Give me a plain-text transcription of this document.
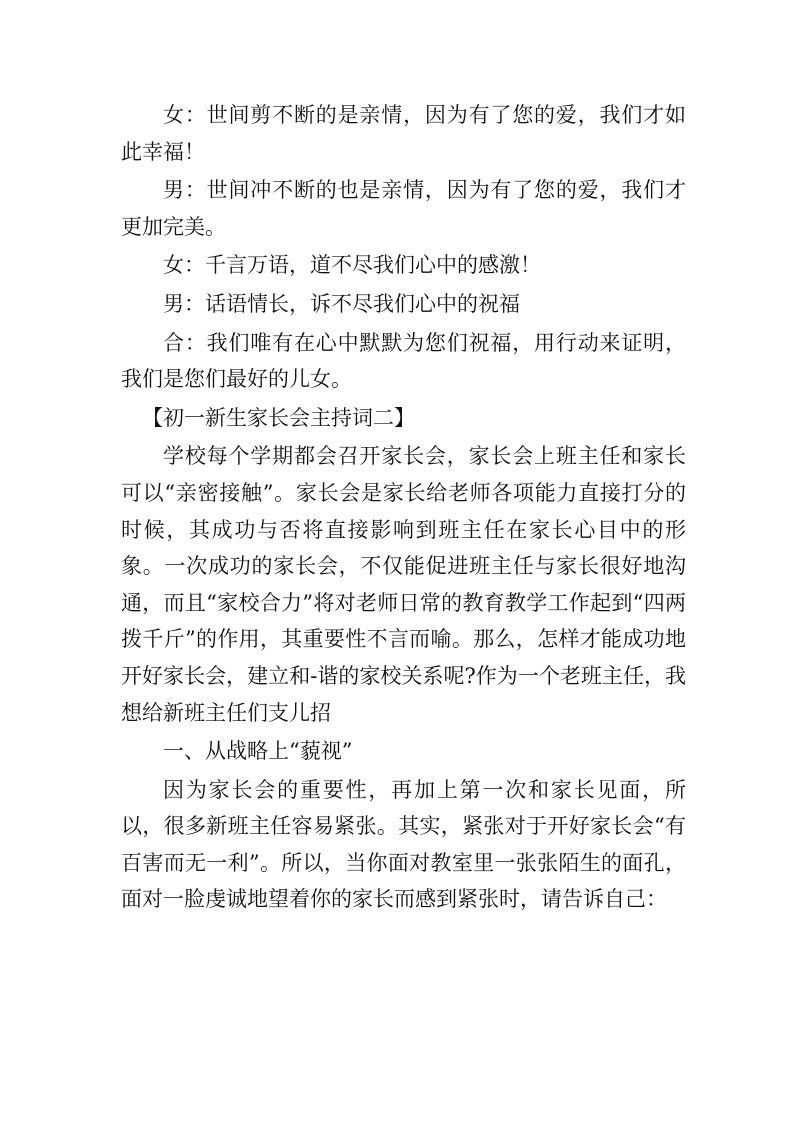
女：世间剪不断的是亲情，因为有了您的爱，我们才如此幸福！

男：世间冲不断的也是亲情，因为有了您的爱，我们才更加完美。

女：千言万语，道不尽我们心中的感激！

男：话语情长，诉不尽我们心中的祝福

合：我们唯有在心中默默为您们祝福，用行动来证明，我们是您们最好的儿女。

【初一新生家长会主持词二】

学校每个学期都会召开家长会，家长会上班主任和家长可以“亲密接触”。家长会是家长给老师各项能力直接打分的时候，其成功与否将直接影响到班主任在家长心目中的形象。一次成功的家长会，不仅能促进班主任与家长很好地沟通，而且“家校合力”将对老师日常的教育教学工作起到“四两拨千斤”的作用，其重要性不言而喻。那么，怎样才能成功地开好家长会，建立和-谐的家校关系呢?作为一个老班主任，我想给新班主任们支儿招

一、从战略上“藐视”

因为家长会的重要性，再加上第一次和家长见面，所以，很多新班主任容易紧张。其实，紧张对于开好家长会“有百害而无一利”。所以，当你面对教室里一张张陌生的面孔，面对一脸虔诚地望着你的家长而感到紧张时，请告诉自己：
